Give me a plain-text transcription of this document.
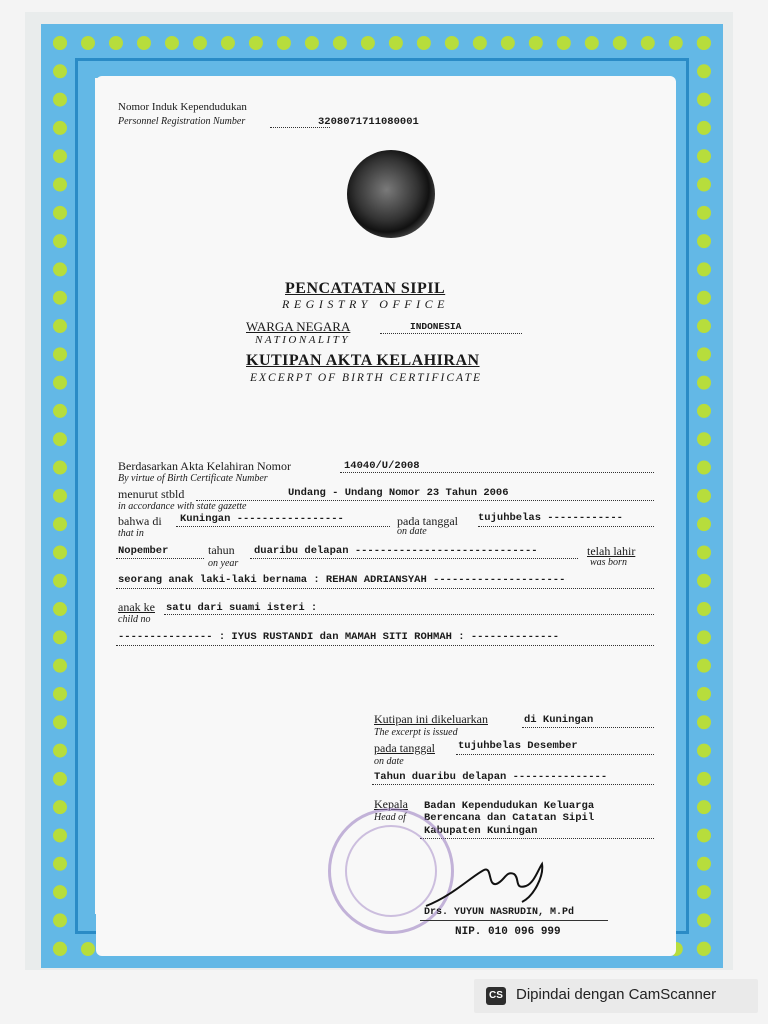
Nomor Induk Kependudukan
Personnel Registration Number	3208071711080001
PENCATATAN SIPIL
REGISTRY OFFICE
WARGA NEGARA	INDONESIA
NATIONALITY
KUTIPAN AKTA KELAHIRAN
EXCERPT OF BIRTH CERTIFICATE
Berdasarkan Akta Kelahiran Nomor	14040/U/2008
By virtue of Birth Certificate Number
menurut stbld	Undang - Undang Nomor 23 Tahun 2006
in accordance with state gazette
bahwa di Kuningan -----------------
that in
pada tanggal tujuhbelas ------------
on date
Nopember	tahun
on year
duaribu delapan -----------------------------	telah lahir
was born
seorang anak laki-laki bernama : REHAN ADRIANSYAH ---------------------
anak ke satu dari suami isteri :
child no
--------------- : IYUS RUSTANDI dan MAMAH SITI ROHMAH : --------------
Kutipan ini dikeluarkan	di Kuningan
The excerpt is issued
pada tanggal tujuhbelas Desember
on date
Tahun duaribu delapan ---------------
Kepala
Head of
Badan Kependudukan Keluarga
Berencana dan Catatan Sipil
Kabupaten Kuningan
Drs. YUYUN NASRUDIN, M.Pd
NIP. 010 096 999
CS Dipindai dengan CamScanner
